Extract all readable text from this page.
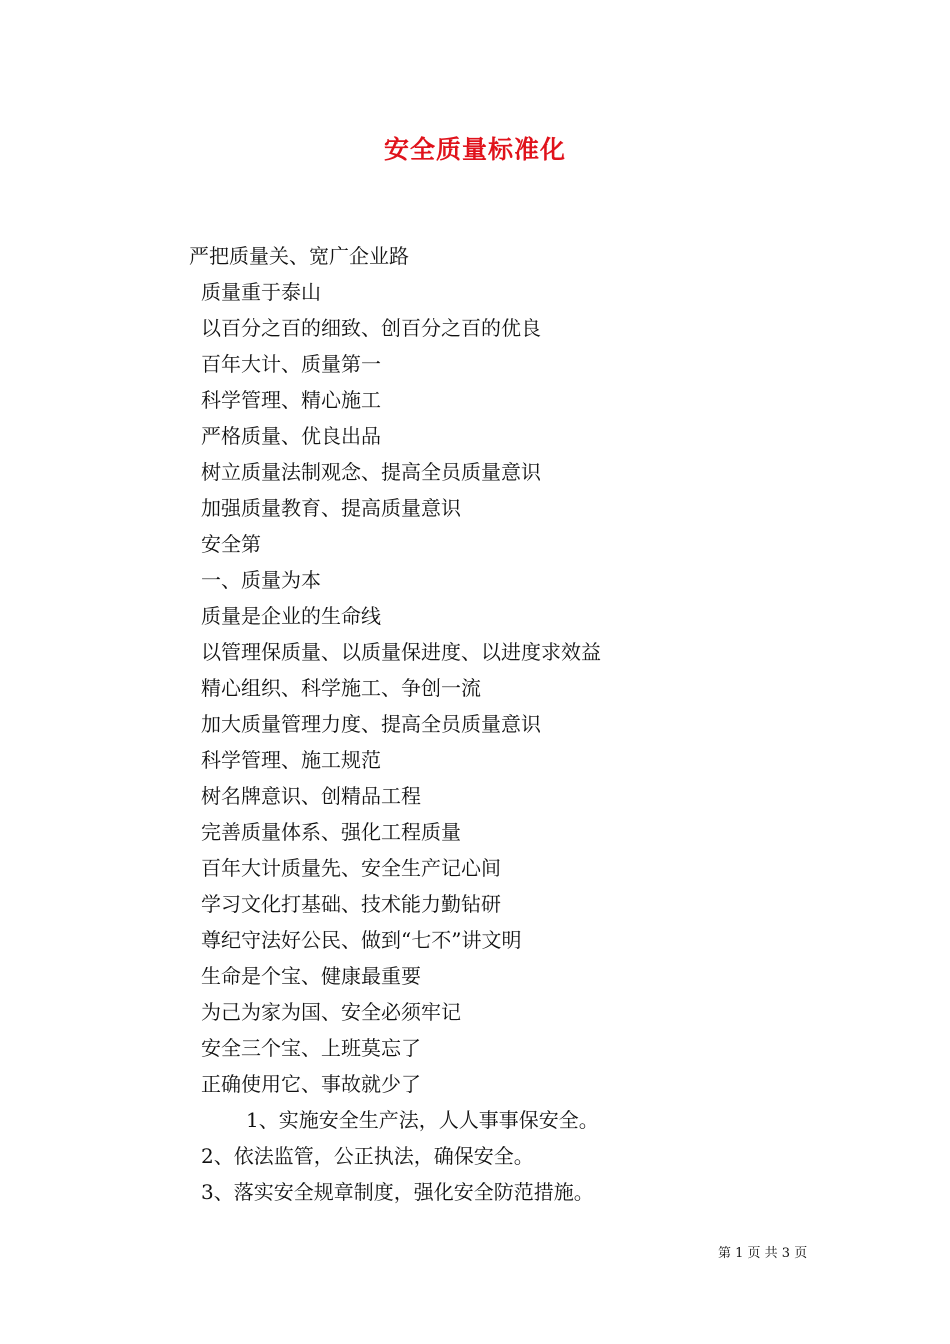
安全质量标准化
严把质量关、宽广企业路
质量重于泰山
以百分之百的细致、创百分之百的优良
百年大计、质量第一
科学管理、精心施工
严格质量、优良出品
树立质量法制观念、提高全员质量意识
加强质量教育、提高质量意识
安全第
一、质量为本
质量是企业的生命线
以管理保质量、以质量保进度、以进度求效益
精心组织、科学施工、争创一流
加大质量管理力度、提高全员质量意识
科学管理、施工规范
树名牌意识、创精品工程
完善质量体系、强化工程质量
百年大计质量先、安全生产记心间
学习文化打基础、技术能力勤钻研
尊纪守法好公民、做到“七不”讲文明
生命是个宝、健康最重要
为己为家为国、安全必须牢记
安全三个宝、上班莫忘了
正确使用它、事故就少了
1、实施安全生产法，人人事事保安全。
2、依法监管，公正执法，确保安全。
3、落实安全规章制度，强化安全防范措施。
第 1 页 共 3 页
